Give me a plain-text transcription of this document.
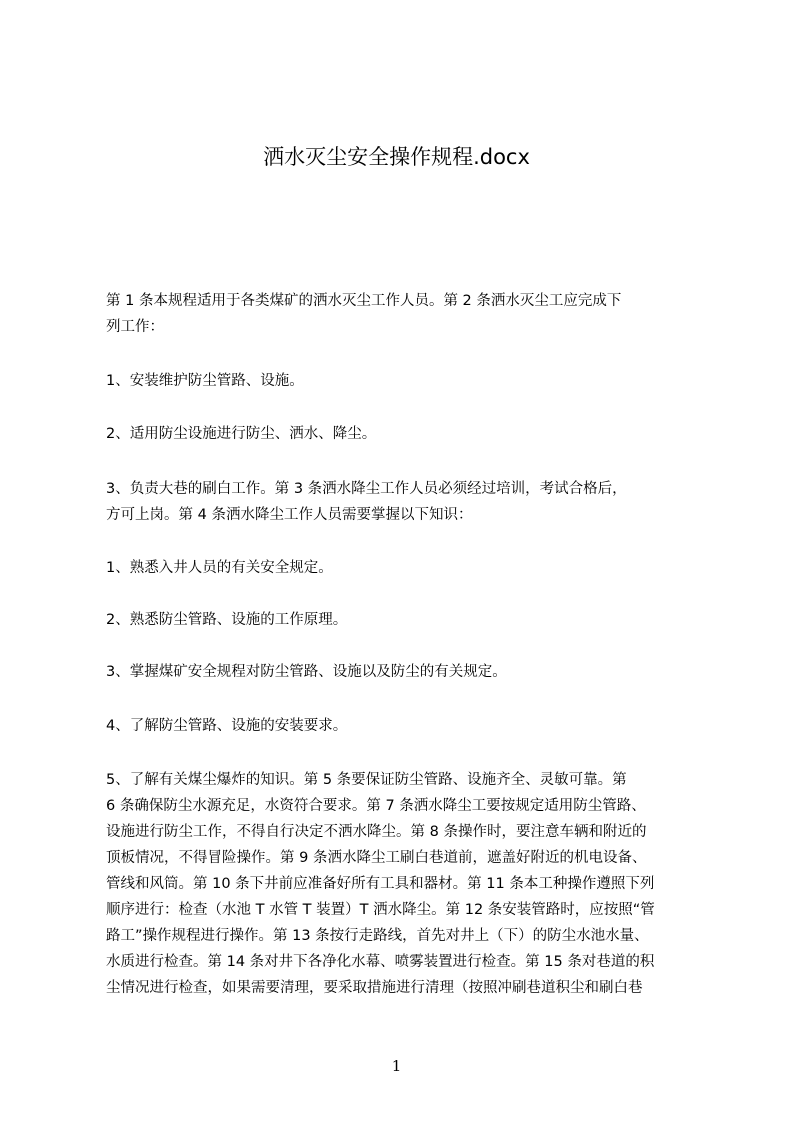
洒水灭尘安全操作规程.docx
第 1 条本规程适用于各类煤矿的洒水灭尘工作人员。第 2 条洒水灭尘工应完成下
列工作：
1、安装维护防尘管路、设施。
2、适用防尘设施进行防尘、洒水、降尘。
3、负责大巷的刷白工作。第 3 条洒水降尘工作人员必须经过培训，考试合格后，
方可上岗。第 4 条洒水降尘工作人员需要掌握以下知识：
1、熟悉入井人员的有关安全规定。
2、熟悉防尘管路、设施的工作原理。
3、掌握煤矿安全规程对防尘管路、设施以及防尘的有关规定。
4、了解防尘管路、设施的安装要求。
5、了解有关煤尘爆炸的知识。第 5 条要保证防尘管路、设施齐全、灵敏可靠。第
6 条确保防尘水源充足，水资符合要求。第 7 条洒水降尘工要按规定适用防尘管路、
设施进行防尘工作，不得自行决定不洒水降尘。第 8 条操作时，要注意车辆和附近的
顶板情况，不得冒险操作。第 9 条洒水降尘工刷白巷道前，遮盖好附近的机电设备、
管线和风筒。第 10 条下井前应准备好所有工具和器材。第 11 条本工种操作遵照下列
顺序进行：检查（水池 T 水管 T 装置）T 洒水降尘。第 12 条安装管路时，应按照“管
路工”操作规程进行操作。第 13 条按行走路线，首先对井上（下）的防尘水池水量、
水质进行检查。第 14 条对井下各净化水幕、喷雾装置进行检查。第 15 条对巷道的积
尘情况进行检查，如果需要清理，要采取措施进行清理（按照冲刷巷道积尘和刷白巷
1
